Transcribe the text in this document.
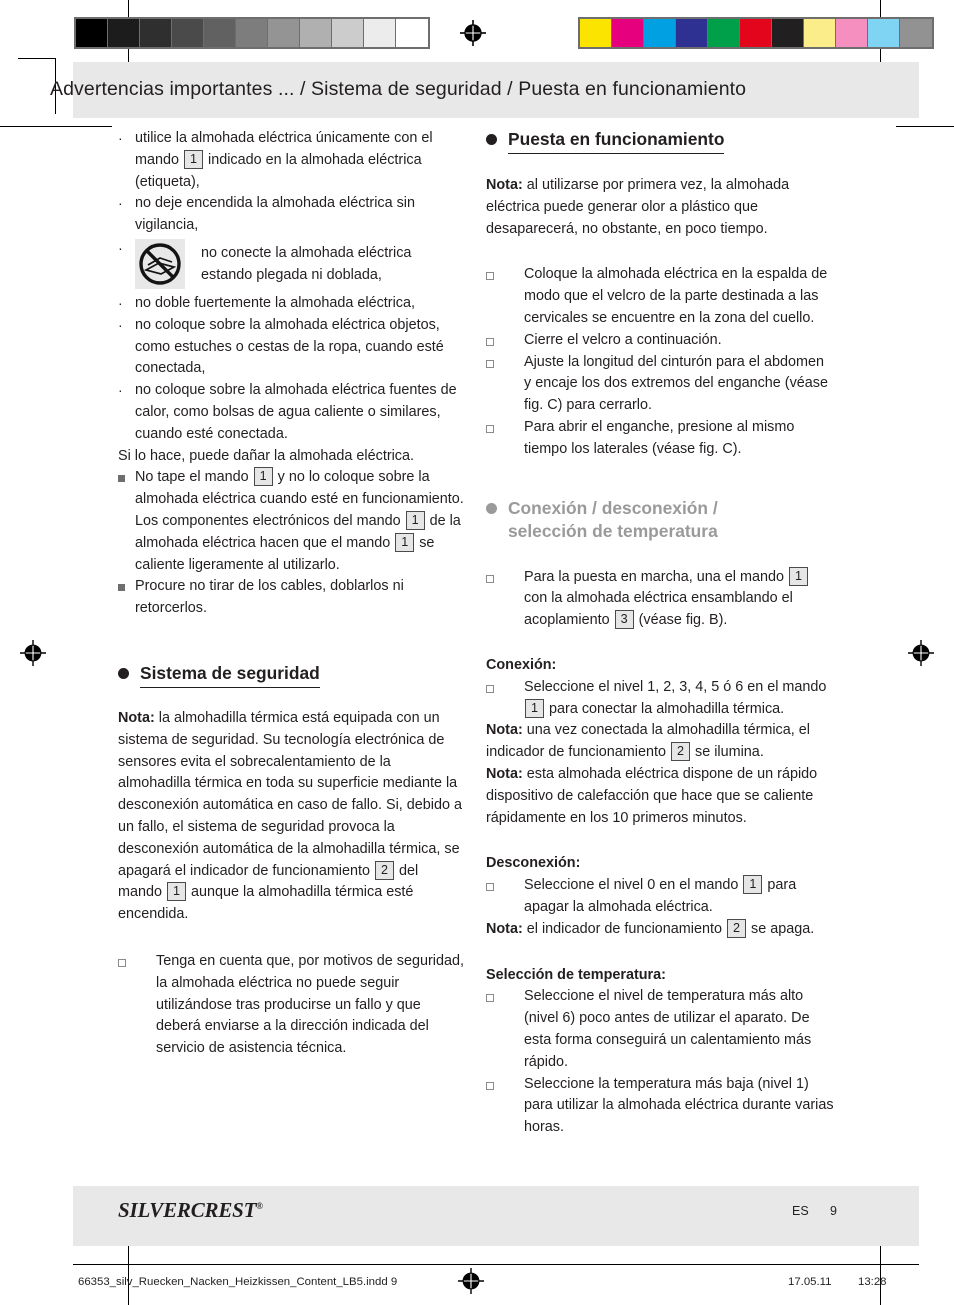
Advertencias importantes ... / Sistema de seguridad / Puesta en funcionamiento
· utilice la almohada eléctrica únicamente con el mando 1 indicado en la almohada eléctrica (etiqueta),
· no deje encendida la almohada eléctrica sin vigilancia,
·	no conecte la almohada eléctrica estando plegada ni doblada,
· no doble fuertemente la almohada eléctrica,
· no coloque sobre la almohada eléctrica objetos, como estuches o cestas de la ropa, cuando esté conectada,
· no coloque sobre la almohada eléctrica fuentes de calor, como bolsas de agua caliente o similares, cuando esté conectada.

Si lo hace, puede dañar la almohada eléctrica.

No tape el mando 1 y no lo coloque sobre la almohada eléctrica cuando esté en funcionamiento. Los componentes electrónicos del mando 1 de la almohada eléctrica hacen que el mando 1 se caliente ligeramente al utilizarlo.
Procure no tirar de los cables, doblarlos ni retorcerlos.
Sistema de seguridad

Nota: la almohadilla térmica está equipada con un sistema de seguridad. Su tecnología electrónica de sensores evita el sobrecalentamiento de la almohadilla térmica en toda su superficie mediante la desconexión automática en caso de fallo. Si, debido a un fallo, el sistema de seguridad provoca la desconexión automática de la almohadilla térmica, se apagará el indicador de funcionamiento 2 del mando 1 aunque la almohadilla térmica esté encendida.

Tenga en cuenta que, por motivos de seguridad, la almohada eléctrica no puede seguir utilizándose tras producirse un fallo y que deberá enviarse a la dirección indicada del servicio de asistencia técnica.
Puesta en funcionamiento

Nota: al utilizarse por primera vez, la almohada eléctrica puede generar olor a plástico que desaparecerá, no obstante, en poco tiempo.

Coloque la almohada eléctrica en la espalda de modo que el velcro de la parte destinada a las cervicales se encuentre en la zona del cuello.
Cierre el velcro a continuación.
Ajuste la longitud del cinturón para el abdomen y encaje los dos extremos del enganche (véase fig. C) para cerrarlo.
Para abrir el enganche, presione al mismo tiempo los laterales (véase fig. C).
Conexión / desconexión /
selección de temperatura
Para la puesta en marcha, una el mando 1 con la almohada eléctrica ensamblando el acoplamiento 3 (véase fig. B).

Conexión:

Seleccione el nivel 1, 2, 3, 4, 5 ó 6 en el mando 1 para conectar la almohadilla térmica.

Nota: una vez conectada la almohadilla térmica, el indicador de funcionamiento 2 se ilumina.

Nota: esta almohada eléctrica dispone de un rápido dispositivo de calefacción que hace que se caliente rápidamente en los 10 primeros minutos.

Desconexión:

Seleccione el nivel 0 en el mando 1 para apagar la almohada eléctrica.

Nota: el indicador de funcionamiento 2 se apaga.

Selección de temperatura:

Seleccione el nivel de temperatura más alto (nivel 6) poco antes de utilizar el aparato. De esta forma conseguirá un calentamiento más rápido.
Seleccione la temperatura más baja (nivel 1) para utilizar la almohada eléctrica durante varias horas.
SILVERCREST®	ES 9
66353_silv_Ruecken_Nacken_Heizkissen_Content_LB5.indd 9	17.05.11 13:28
